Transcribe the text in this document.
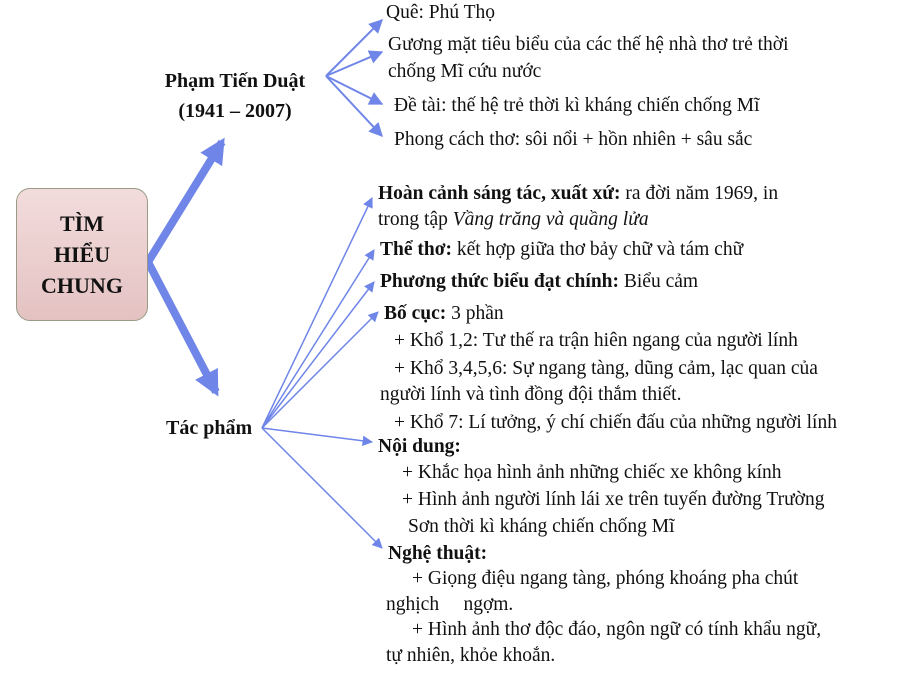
TÌM
HIỂU
CHUNG
Phạm Tiến Duật
(1941 – 2007)
Quê: Phú Thọ
Gương mặt tiêu biểu của các thế hệ nhà thơ trẻ thời
chống Mĩ cứu nước
Đề tài: thế hệ trẻ thời kì kháng chiến chống Mĩ
Phong cách thơ: sôi nổi + hồn nhiên + sâu sắc
Tác phẩm
Hoàn cảnh sáng tác, xuất xứ: ra đời năm 1969, in
trong tập Vầng trăng và quầng lửa
Thể thơ: kết hợp giữa thơ bảy chữ và tám chữ
Phương thức biểu đạt chính: Biểu cảm
Bố cục: 3 phần
+ Khổ 1,2: Tư thế ra trận hiên ngang của người lính
+ Khổ 3,4,5,6: Sự ngang tàng, dũng cảm, lạc quan của
người lính và tình đồng đội thắm thiết.
+ Khổ 7: Lí tưởng, ý chí chiến đấu của những người lính
Nội dung:
+ Khắc họa hình ảnh những chiếc xe không kính
+ Hình ảnh người lính lái xe trên tuyến đường Trường
Sơn thời kì kháng chiến chống Mĩ
Nghệ thuật:
+ Giọng điệu ngang tàng, phóng khoáng pha chút
nghịch     ngợm.
+ Hình ảnh thơ độc đáo, ngôn ngữ có tính khẩu ngữ,
tự nhiên, khỏe khoắn.
